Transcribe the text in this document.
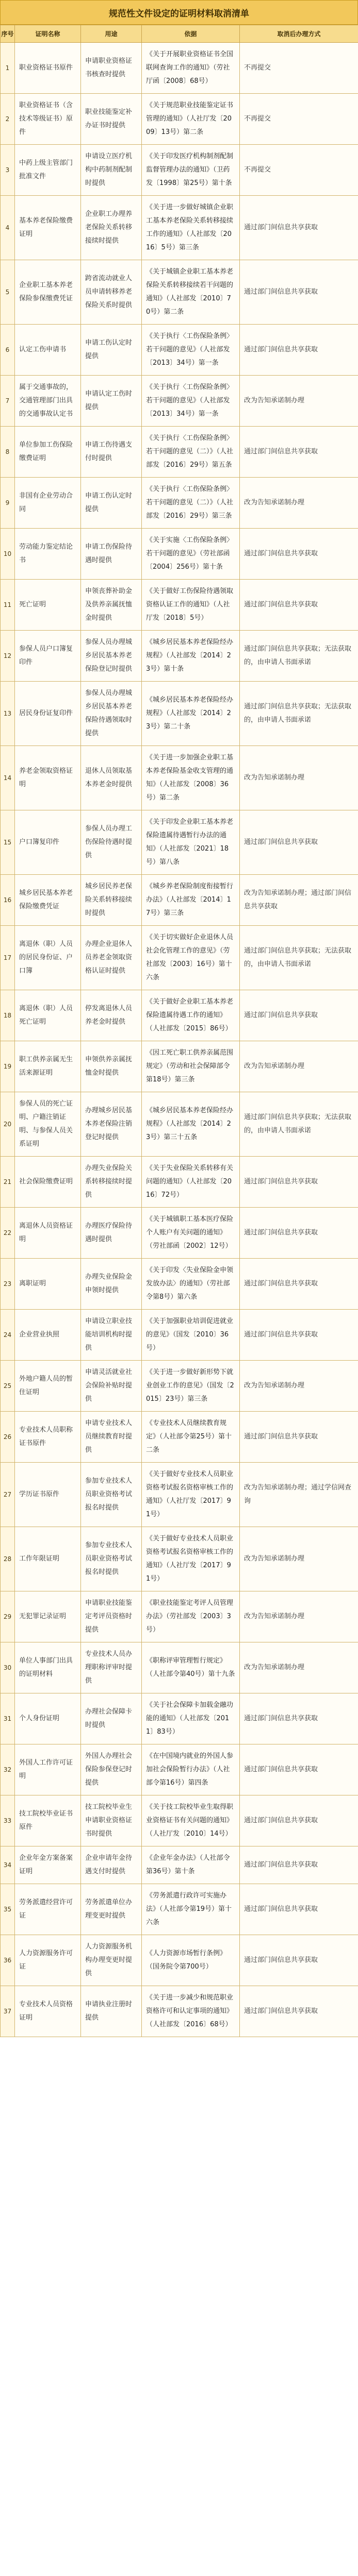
规范性文件设定的证明材料取消清单
序号	证明名称	用途	依据	取消后办理方式
1	职业资格证书原件	申请职业资格证书核查时提供	《关于开展职业资格证书全国联网查询工作的通知》（劳社厅函〔2008〕68号）	不再提交
2	职业资格证书（含技术等级证书）原件	职业技能鉴定补办证书时提供	《关于规范职业技能鉴定证书管理的通知》（人社厅发〔2009〕13号）第二条	不再提交
3	中药上级主管部门批准文件	申请设立医疗机构中药制剂配制时提供	《关于印发医疗机构制剂配制监督管理办法的通知》（卫药发〔1998〕第25号）第十条	不再提交
4	基本养老保险缴费证明	企业职工办理养老保险关系转移接续时提供	《关于进一步做好城镇企业职工基本养老保险关系转移接续工作的通知》（人社部发〔2016〕5号）第三条	通过部门间信息共享获取
5	企业职工基本养老保险参保缴费凭证	跨省流动就业人员申请转移养老保险关系时提供	《关于城镇企业职工基本养老保险关系转移接续若干问题的通知》（人社部发〔2010〕70号）第二条	通过部门间信息共享获取
6	认定工伤申请书	申请工伤认定时提供	《关于执行〈工伤保险条例〉若干问题的意见》（人社部发〔2013〕34号）第一条	通过部门间信息共享获取
7	属于交通事故的，交通管理部门出具的交通事故认定书	申请认定工伤时提供	《关于执行〈工伤保险条例〉若干问题的意见》（人社部发〔2013〕34号）第一条	改为告知承诺制办理
8	单位参加工伤保险缴费证明	申请工伤待遇支付时提供	《关于执行〈工伤保险条例〉若干问题的意见（二）》（人社部发〔2016〕29号）第五条	通过部门间信息共享获取
9	非国有企业劳动合同	申请工伤认定时提供	《关于执行〈工伤保险条例〉若干问题的意见（二）》（人社部发〔2016〕29号）第三条	改为告知承诺制办理
10	劳动能力鉴定结论书	申请工伤保险待遇时提供	《关于实施〈工伤保险条例〉若干问题的意见》（劳社部函〔2004〕256号）第十条	通过部门间信息共享获取
11	死亡证明	申领丧葬补助金及供养亲属抚恤金时提供	《关于做好工伤保险待遇领取资格认证工作的通知》（人社厅发〔2018〕5号）	通过部门间信息共享获取
12	参保人员户口簿复印件	参保人员办理城乡居民基本养老保险登记时提供	《城乡居民基本养老保险经办规程》（人社部发〔2014〕23号）第十条	通过部门间信息共享获取；无法获取的，由申请人书面承诺
13	居民身份证复印件	参保人员办理城乡居民基本养老保险待遇领取时提供	《城乡居民基本养老保险经办规程》（人社部发〔2014〕23号）第二十条	通过部门间信息共享获取；无法获取的，由申请人书面承诺
14	养老金领取资格证明	退休人员领取基本养老金时提供	《关于进一步加强企业职工基本养老保险基金收支管理的通知》（人社部发〔2008〕36号）第二条	改为告知承诺制办理
15	户口簿复印件	参保人员办理工伤保险待遇时提供	《关于印发企业职工基本养老保险遗属待遇暂行办法的通知》（人社部发〔2021〕18号）第八条	通过部门间信息共享获取
16	城乡居民基本养老保险缴费凭证	城乡居民养老保险关系转移接续时提供	《城乡养老保险制度衔接暂行办法》（人社部发〔2014〕17号）第三条	改为告知承诺制办理；通过部门间信息共享获取
17	离退休（职）人员的居民身份证、户口簿	办理企业退休人员养老金领取资格认证时提供	《关于切实做好企业退休人员社会化管理工作的意见》（劳社部发〔2003〕16号）第十六条	通过部门间信息共享获取；无法获取的，由申请人书面承诺
18	离退休（职）人员死亡证明	停发离退休人员养老金时提供	《关于做好企业职工基本养老保险遗属待遇工作的通知》（人社部发〔2015〕86号）	通过部门间信息共享获取
19	职工供养亲属无生活来源证明	申领供养亲属抚恤金时提供	《因工死亡职工供养亲属范围规定》（劳动和社会保障部令第18号）第三条	改为告知承诺制办理
20	参保人员的死亡证明、户籍注销证明、与参保人员关系证明	办理城乡居民基本养老保险注销登记时提供	《城乡居民基本养老保险经办规程》（人社部发〔2014〕23号）第三十五条	通过部门间信息共享获取；无法获取的，由申请人书面承诺
21	社会保险缴费证明	办理失业保险关系转移接续时提供	《关于失业保险关系转移有关问题的通知》（人社部发〔2016〕72号）	通过部门间信息共享获取
22	离退休人员资格证明	办理医疗保险待遇时提供	《关于城镇职工基本医疗保险个人账户有关问题的通知》（劳社部函〔2002〕12号）	通过部门间信息共享获取
23	离职证明	办理失业保险金申领时提供	《关于印发〈失业保险金申领发放办法〉的通知》（劳社部令第8号）第六条	通过部门间信息共享获取
24	企业营业执照	申请设立职业技能培训机构时提供	《关于加强职业培训促进就业的意见》（国发〔2010〕36号）	通过部门间信息共享获取
25	外地户籍人员的暂住证明	申请灵活就业社会保险补贴时提供	《关于进一步做好新形势下就业创业工作的意见》（国发〔2015〕23号）第三条	改为告知承诺制办理
26	专业技术人员职称证书原件	申请专业技术人员继续教育时提供	《专业技术人员继续教育规定》（人社部令第25号）第十二条	通过部门间信息共享获取
27	学历证书原件	参加专业技术人员职业资格考试报名时提供	《关于做好专业技术人员职业资格考试报名资格审核工作的通知》（人社厅发〔2017〕91号）	改为告知承诺制办理；通过学信网查询
28	工作年限证明	参加专业技术人员职业资格考试报名时提供	《关于做好专业技术人员职业资格考试报名资格审核工作的通知》（人社厅发〔2017〕91号）	改为告知承诺制办理
29	无犯罪记录证明	申请职业技能鉴定考评员资格时提供	《职业技能鉴定考评人员管理办法》（劳社部发〔2003〕3号）	改为告知承诺制办理
30	单位人事部门出具的证明材料	专业技术人员办理职称评审时提供	《职称评审管理暂行规定》（人社部令第40号）第十九条	改为告知承诺制办理
31	个人身份证明	办理社会保障卡时提供	《关于社会保障卡加载金融功能的通知》（人社部发〔2011〕83号）	通过部门间信息共享获取
32	外国人工作许可证明	外国人办理社会保险参保登记时提供	《在中国境内就业的外国人参加社会保险暂行办法》（人社部令第16号）第四条	通过部门间信息共享获取
33	技工院校毕业证书原件	技工院校毕业生申请职业资格证书时提供	《关于技工院校毕业生取得职业资格证书有关问题的通知》（人社厅发〔2010〕14号）	通过部门间信息共享获取
34	企业年金方案备案证明	企业申请年金待遇支付时提供	《企业年金办法》（人社部令第36号）第十条	通过部门间信息共享获取
35	劳务派遣经营许可证	劳务派遣单位办理变更时提供	《劳务派遣行政许可实施办法》（人社部令第19号）第十六条	通过部门间信息共享获取
36	人力资源服务许可证	人力资源服务机构办理变更时提供	《人力资源市场暂行条例》（国务院令第700号）	通过部门间信息共享获取
37	专业技术人员资格证明	申请执业注册时提供	《关于进一步减少和规范职业资格许可和认定事项的通知》（人社部发〔2016〕68号）	通过部门间信息共享获取
